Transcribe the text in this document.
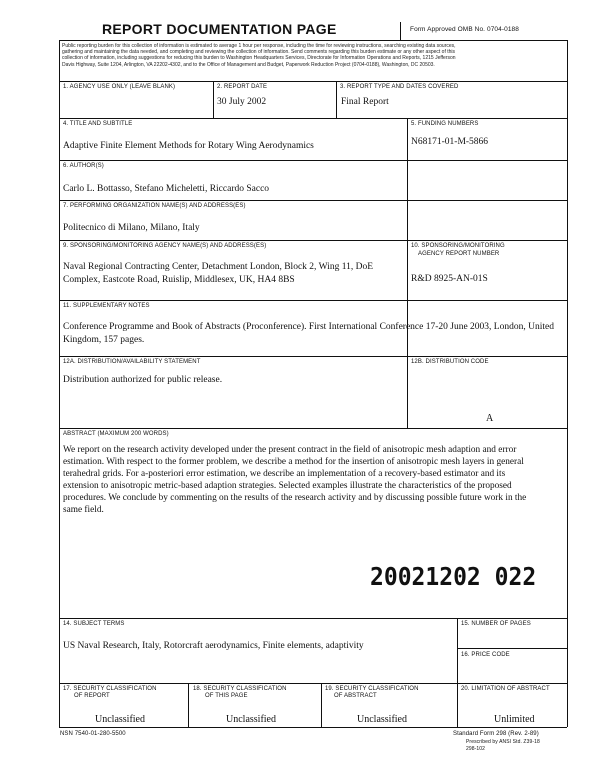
REPORT DOCUMENTATION PAGE	Form Approved OMB No. 0704-0188
Public reporting burden for this collection of information is estimated to average 1 hour per response, including the time for reviewing instructions, searching existing data sources,
gathering and maintaining the data needed, and completing and reviewing the collection of information. Send comments regarding this burden estimate or any other aspect of this
collection of information, including suggestions for reducing this burden to Washington Headquarters Services, Directorate for Information Operations and Reports, 1215 Jefferson
Davis Highway, Suite 1204, Arlington, VA 22202-4302, and to the Office of Management and Budget, Paperwork Reduction Project (0704-0188), Washington, DC 20503.
1. AGENCY USE ONLY (LEAVE BLANK)	2. REPORT DATE
30 July 2002
3. REPORT TYPE AND DATES COVERED
Final Report
4. TITLE AND SUBTITLE
Adaptive Finite Element Methods for Rotary Wing Aerodynamics
5. FUNDING NUMBERS
N68171-01-M-5866
6. AUTHOR(S)
Carlo L. Bottasso, Stefano Micheletti, Riccardo Sacco
7. PERFORMING ORGANIZATION NAME(S) AND ADDRESS(ES)
Politecnico di Milano, Milano, Italy
9. SPONSORING/MONITORING AGENCY NAME(S) AND ADDRESS(ES)
Naval Regional Contracting Center, Detachment London, Block 2, Wing 11, DoE
Complex, Eastcote Road, Ruislip, Middlesex, UK, HA4 8BS
10. SPONSORING/MONITORING
AGENCY REPORT NUMBER
R&D 8925-AN-01S
11. SUPPLEMENTARY NOTES
Conference Programme and Book of Abstracts (Proconference). First International Conference 17-20 June 2003, London, United
Kingdom, 157 pages.
12A. DISTRIBUTION/AVAILABILITY STATEMENT
Distribution authorized for public release.
12B. DISTRIBUTION CODE
A
ABSTRACT (MAXIMUM 200 WORDS)
We report on the research activity developed under the present contract in the field of anisotropic mesh adaption and error
estimation. With respect to the former problem, we describe a method for the insertion of anisotropic mesh layers in general
terahedral grids. For a-posteriori error estimation, we describe an implementation of a recovery-based estimator and its
extension to anisotropic metric-based adaption strategies. Selected examples illustrate the characteristics of the proposed
procedures. We conclude by commenting on the results of the research activity and by discussing possible future work in the
same field.
20021202 022
14. SUBJECT TERMS
US Naval Research, Italy, Rotorcraft aerodynamics, Finite elements, adaptivity
15. NUMBER OF PAGES
16. PRICE CODE
17. SECURITY CLASSIFICATION
OF REPORT
Unclassified
18. SECURITY CLASSIFICATION
OF THIS PAGE
Unclassified
19. SECURITY CLASSIFICATION
OF ABSTRACT
Unclassified
20. LIMITATION OF ABSTRACT
Unlimited
NSN 7540-01-280-5500	Standard Form 298 (Rev. 2-89)
Prescribed by ANSI Std. Z39-18
298-102
